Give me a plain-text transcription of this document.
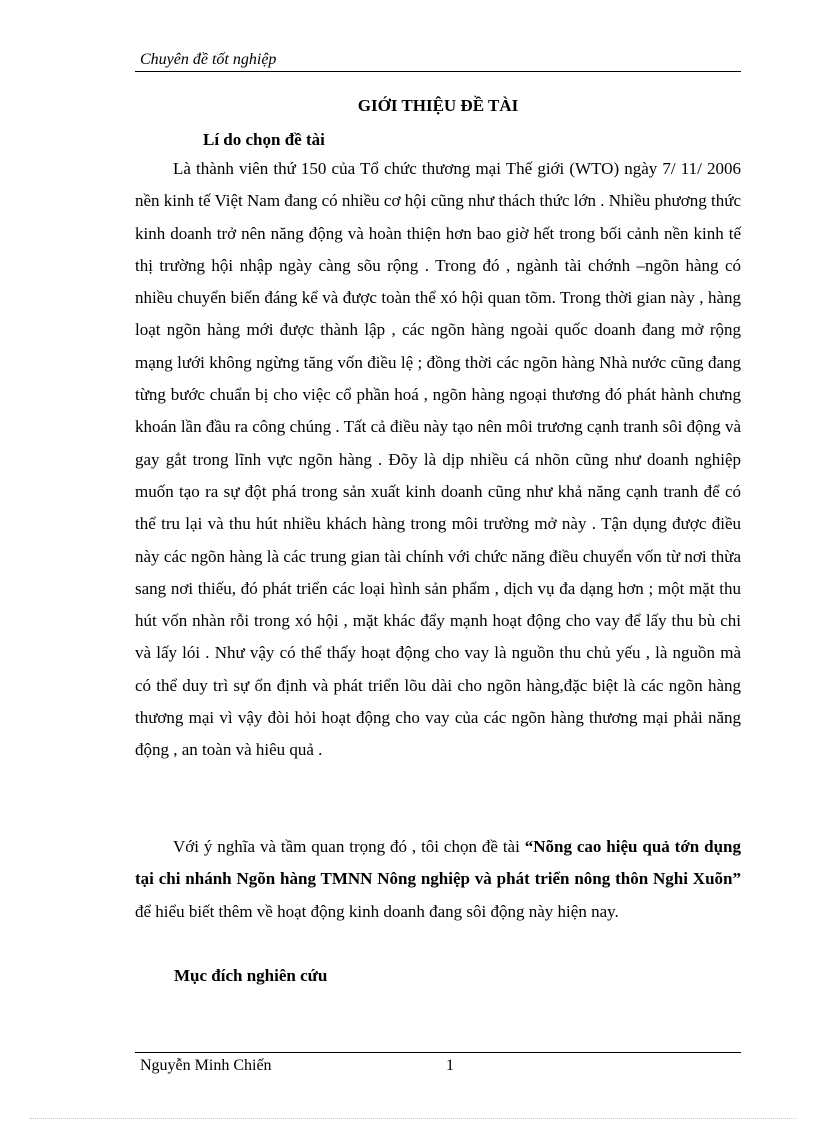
Chuyên đề tốt nghiệp
GIỚI THIỆU ĐỀ TÀI
Lí do chọn đề tài

Là thành viên thứ 150 của Tổ chức thương mại Thế giới (WTO) ngày 7/ 11/ 2006 nền kinh tế Việt Nam đang có nhiều cơ hội cũng như thách thức lớn . Nhiều phương thức kinh doanh trở nên năng động và hoàn thiện hơn bao giờ hết trong bối cảnh nền kinh tế thị trường hội nhập ngày càng sõu rộng . Trong đó , ngành tài chớnh –ngõn hàng có nhiều chuyển biến đáng kể và được toàn thể xó hội quan tõm. Trong thời gian này , hàng loạt ngõn hàng mới được thành lập , các ngõn hàng ngoài quốc doanh đang mở rộng mạng lưới không ngừng tăng vốn điều lệ ; đồng thời các ngõn hàng Nhà nước cũng đang từng bước chuẩn bị cho việc cổ phần hoá , ngõn hàng ngoại thương đó phát hành chưng khoán lần đầu ra công chúng . Tất cả điều này tạo nên môi trương cạnh tranh sôi động và gay gắt trong lĩnh vực ngõn hàng . Đõy là dịp nhiều cá nhõn cũng như doanh nghiệp muốn tạo ra sự đột phá trong sản xuất kinh doanh cũng như khả năng cạnh tranh để có thể tru lại và thu hút nhiều khách hàng trong môi trường mở này . Tận dụng được điều này các ngõn hàng là các trung gian tài chính với chức năng điều chuyển vốn từ nơi thừa sang nơi thiếu, đó phát triển các loại hình sản phẩm , dịch vụ đa dạng hơn ; một mặt thu hút vốn nhàn rỗi trong xó hội , mặt khác đẩy mạnh hoạt động cho vay để lấy thu bù chi và lấy lói . Như vậy có thể thấy hoạt động cho vay là nguồn thu chủ yếu , là nguồn mà có thể duy trì sự ổn định và phát triển lõu dài cho ngõn hàng,đặc biệt là các ngõn hàng thương mại vì vậy đòi hỏi hoạt động cho vay của các ngõn hàng thương mại phải năng động , an toàn và hiêu quả .

Với ý nghĩa và tầm quan trọng đó , tôi chọn đề tài “Nõng cao hiệu quả tớn dụng tại chi nhánh Ngõn hàng TMNN Nông nghiệp và phát triển nông thôn Nghi Xuõn” để hiểu biết thêm về hoạt động kinh doanh đang sôi động này hiện nay.

Mục đích nghiên cứu
Nguyễn Minh Chiến	1
